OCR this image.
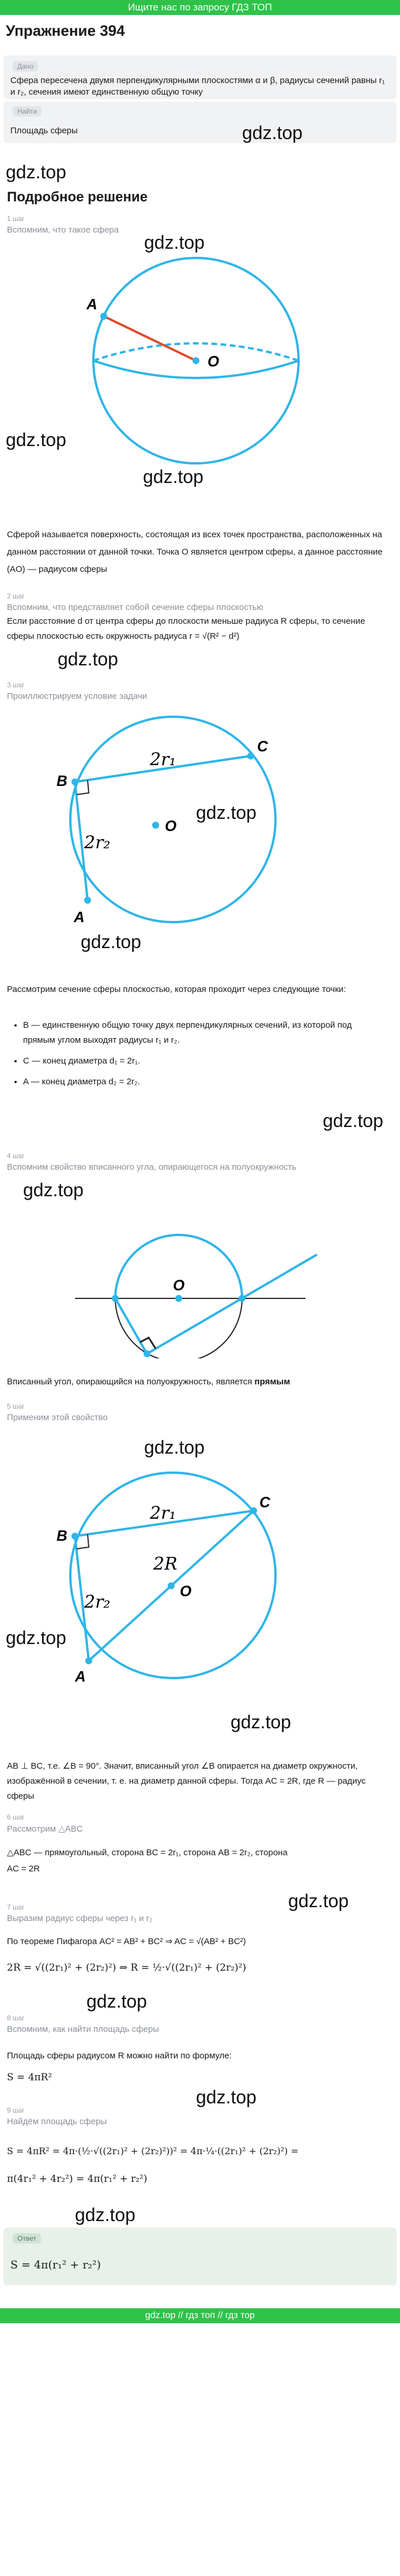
Ищите нас по запросу ГДЗ ТОП
Упражнение 394
Дано
Сфера пересечена двумя перпендикулярными плоскостями α и β, радиусы сечений равны r₁ и r₂, сечения имеют единственную общую точку
Найти
Площадь сферы	gdz.top
gdz.top
Подробное решение
1 шаг
Вспомним, что такое сфера
gdz.top
A
O
gdz.top
gdz.top
Сферой называется поверхность, состоящая из всех точек пространства, расположенных на данном расстоянии от данной точки. Точка O является центром сферы, а данное расстояние (AO) — радиусом сферы
2 шаг
Вспомним, что представляет собой сечение сферы плоскостью
Если расстояние d от центра сферы до плоскости меньше радиуса R сферы, то сечение сферы плоскостью есть окружность радиуса r = √(R² − d²)
gdz.top
3 шаг
Проиллюстрируем условие задачи
B
C
A
O
2r₁
2r₂
gdz.top
gdz.top
Рассмотрим сечение сферы плоскостью, которая проходит через следующие точки:
• B — единственную общую точку двух перпендикулярных сечений, из которой под прямым углом выходят радиусы r₁ и r₂.
• C — конец диаметра d₁ = 2r₁.
• A — конец диаметра d₂ = 2r₂.
gdz.top
4 шаг
Вспомним свойство вписанного угла, опирающегося на полуокружность
gdz.top
O
Вписанный угол, опирающийся на полуокружность, является прямым
5 шаг
Применим этой свойство
gdz.top
B
C
A
O
2r₁
2r₂
2R
gdz.top
gdz.top
AB ⊥ BC, т.е. ∠B = 90°. Значит, вписанный угол ∠B опирается на диаметр окружности, изображённой в сечении, т. е. на диаметр данной сферы. Тогда AC = 2R, где R — радиус сферы
6 шаг
Рассмотрим △ABC
△ABC — прямоугольный, сторона BC = 2r₁, сторона AB = 2r₂, сторона
AC = 2R
gdz.top
7 шаг
Выразим радиус сферы через r₁ и r₂
По теореме Пифагора AC² = AB² + BC² ⇒ AC = √(AB² + BC²)
2R = √((2r₁)² + (2r₂)²) ⇒ R = ½·√((2r₁)² + (2r₂)²)
gdz.top
8 шаг
Вспомним, как найти площадь сферы
Площадь сферы радиусом R можно найти по формуле:
S = 4πR²
gdz.top
9 шаг
Найдём площадь сферы
S = 4πR² = 4π·(½·√((2r₁)² + (2r₂)²))² = 4π·¼·((2r₁)² + (2r₂)²) =
π(4r₁² + 4r₂²) = 4π(r₁² + r₂²)
gdz.top
Ответ
S = 4π(r₁² + r₂²)
gdz.top // гдз топ // гдз тор
